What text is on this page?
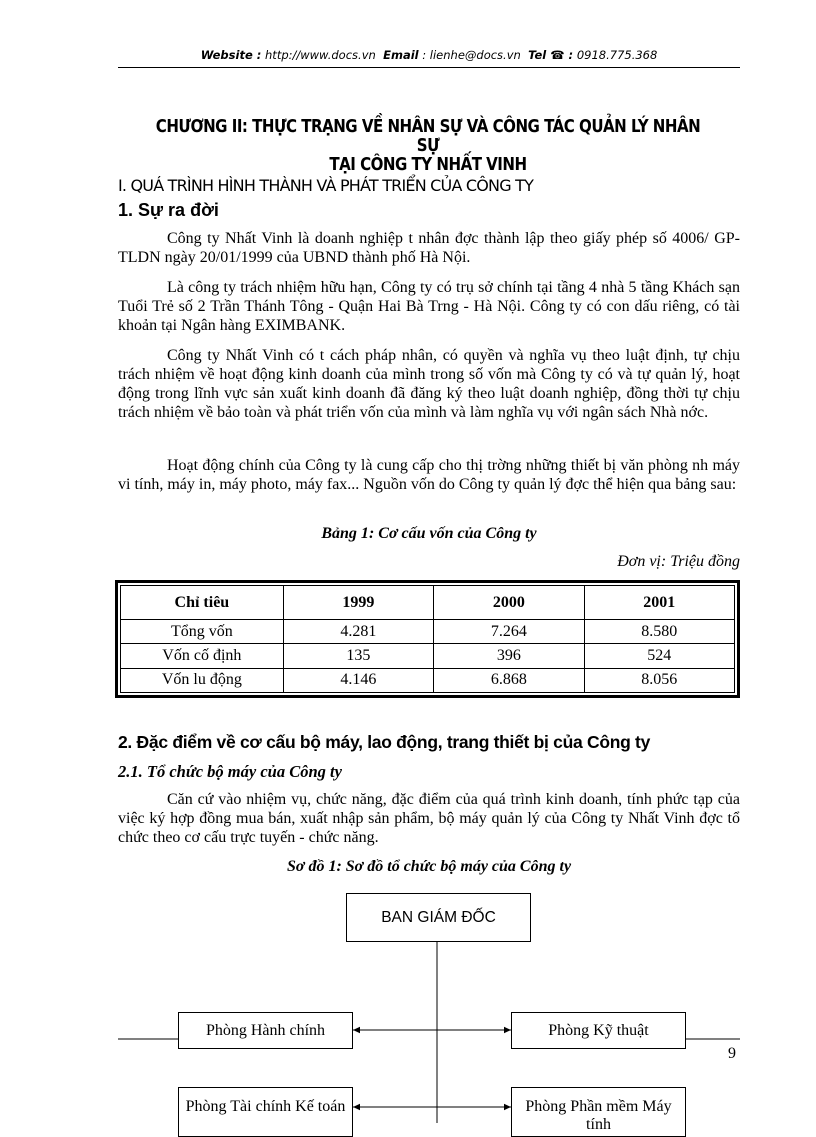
Website : http://www.docs.vn Email : lienhe@docs.vn Tel ☎ : 0918.775.368
CHƯƠNG II: THỰC TRẠNG VỀ NHÂN SỰ VÀ CÔNG TÁC QUẢN LÝ NHÂN SỰ
TẠI CÔNG TY NHẤT VINH
I. QUÁ TRÌNH HÌNH THÀNH VÀ PHÁT TRIỂN CỦA CÔNG TY
1. Sự ra đời
Công ty Nhất Vinh là doanh nghiệp t nhân đợc thành lập theo giấy phép số 4006/ GP-TLDN ngày 20/01/1999 của UBND thành phố Hà Nội.
Là công ty trách nhiệm hữu hạn, Công ty có trụ sở chính tại tầng 4 nhà 5 tầng Khách sạn Tuổi Trẻ số 2 Trần Thánh Tông - Quận Hai Bà Trng - Hà Nội. Công ty có con dấu riêng, có tài khoản tại Ngân hàng EXIMBANK.
Công ty Nhất Vinh có t cách pháp nhân, có quyền và nghĩa vụ theo luật định, tự chịu trách nhiệm về hoạt động kinh doanh của mình trong số vốn mà Công ty có và tự quản lý, hoạt động trong lĩnh vực sản xuất kinh doanh đã đăng ký theo luật doanh nghiệp, đồng thời tự chịu trách nhiệm về bảo toàn và phát triển vốn của mình và làm nghĩa vụ với ngân sách Nhà nớc.
Hoạt động chính của Công ty là cung cấp cho thị trờng những thiết bị văn phòng nh máy vi tính, máy in, máy photo, máy fax... Nguồn vốn do Công ty quản lý đợc thể hiện qua bảng sau:
Bảng 1: Cơ cấu vốn của Công ty
Đơn vị: Triệu đồng
Chỉ tiêu	1999	2000	2001
Tổng vốn	4.281	7.264	8.580
Vốn cố định	135	396	524
Vốn lu động	4.146	6.868	8.056
2. Đặc điểm về cơ cấu bộ máy, lao động, trang thiết bị của Công ty
2.1. Tổ chức bộ máy của Công ty
Căn cứ vào nhiệm vụ, chức năng, đặc điểm của quá trình kinh doanh, tính phức tạp của việc ký hợp đồng mua bán, xuất nhập sản phẩm, bộ máy quản lý của Công ty Nhất Vinh đợc tổ chức theo cơ cấu trực tuyến - chức năng.
Sơ đồ 1: Sơ đồ tổ chức bộ máy của Công ty
BAN GIÁM ĐỐC
Phòng Hành chính	Phòng Kỹ thuật
Phòng Tài chính Kế toán	Phòng Phần mềm Máy tính
9
